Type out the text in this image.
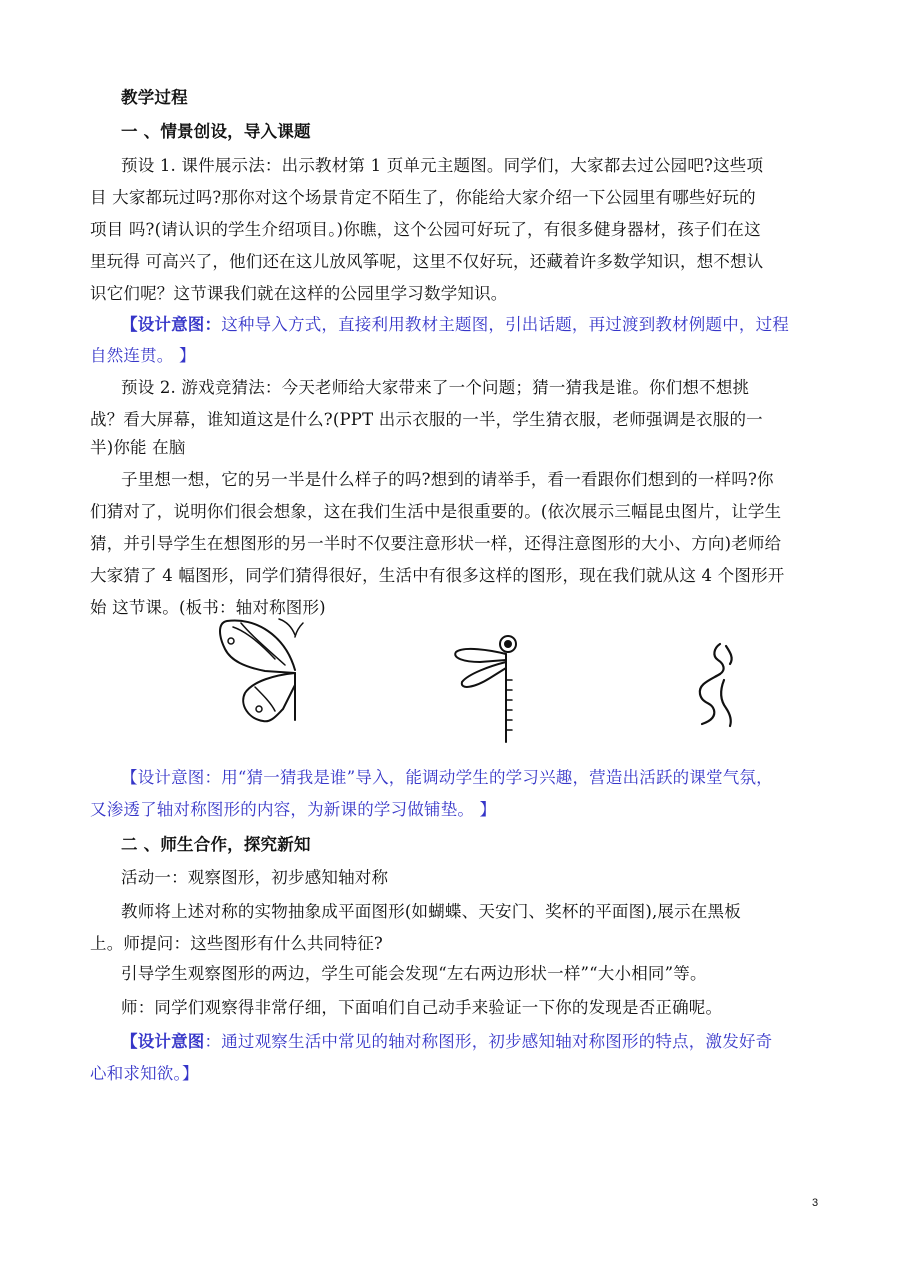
教学过程
一 、情景创设，导入课题
预设 1. 课件展示法：出示教材第 1 页单元主题图。同学们，大家都去过公园吧?这些项
目 大家都玩过吗?那你对这个场景肯定不陌生了，你能给大家介绍一下公园里有哪些好玩的
项目 吗?(请认识的学生介绍项目。)你瞧，这个公园可好玩了，有很多健身器材，孩子们在这
里玩得 可高兴了，他们还在这儿放风筝呢，这里不仅好玩，还藏着许多数学知识，想不想认
识它们呢？这节课我们就在这样的公园里学习数学知识。
【设计意图：这种导入方式，直接利用教材主题图，引出话题，再过渡到教材例题中，过程
自然连贯。 】
预设 2. 游戏竞猜法：今天老师给大家带来了一个问题；猜一猜我是谁。你们想不想挑
战？看大屏幕，谁知道这是什么?(PPT 出示衣服的一半，学生猜衣服，老师强调是衣服的一
半)你能 在脑
子里想一想，它的另一半是什么样子的吗?想到的请举手，看一看跟你们想到的一样吗?你
们猜对了，说明你们很会想象，这在我们生活中是很重要的。(依次展示三幅昆虫图片，让学生
猜，并引导学生在想图形的另一半时不仅要注意形状一样，还得注意图形的大小、方向)老师给
大家猜了 4 幅图形，同学们猜得很好，生活中有很多这样的图形，现在我们就从这 4 个图形开
始 这节课。(板书：轴对称图形)
【设计意图：用“猜一猜我是谁”导入，能调动学生的学习兴趣，营造出活跃的课堂气氛，
又渗透了轴对称图形的内容，为新课的学习做铺垫。 】
二 、师生合作，探究新知
活动一：观察图形，初步感知轴对称
教师将上述对称的实物抽象成平面图形(如蝴蝶、天安门、奖杯的平面图),展示在黑板
上。师提问：这些图形有什么共同特征?
引导学生观察图形的两边，学生可能会发现“左右两边形状一样”“大小相同”等。
师：同学们观察得非常仔细，下面咱们自己动手来验证一下你的发现是否正确呢。
【设计意图：通过观察生活中常见的轴对称图形，初步感知轴对称图形的特点，激发好奇
心和求知欲。】
3
